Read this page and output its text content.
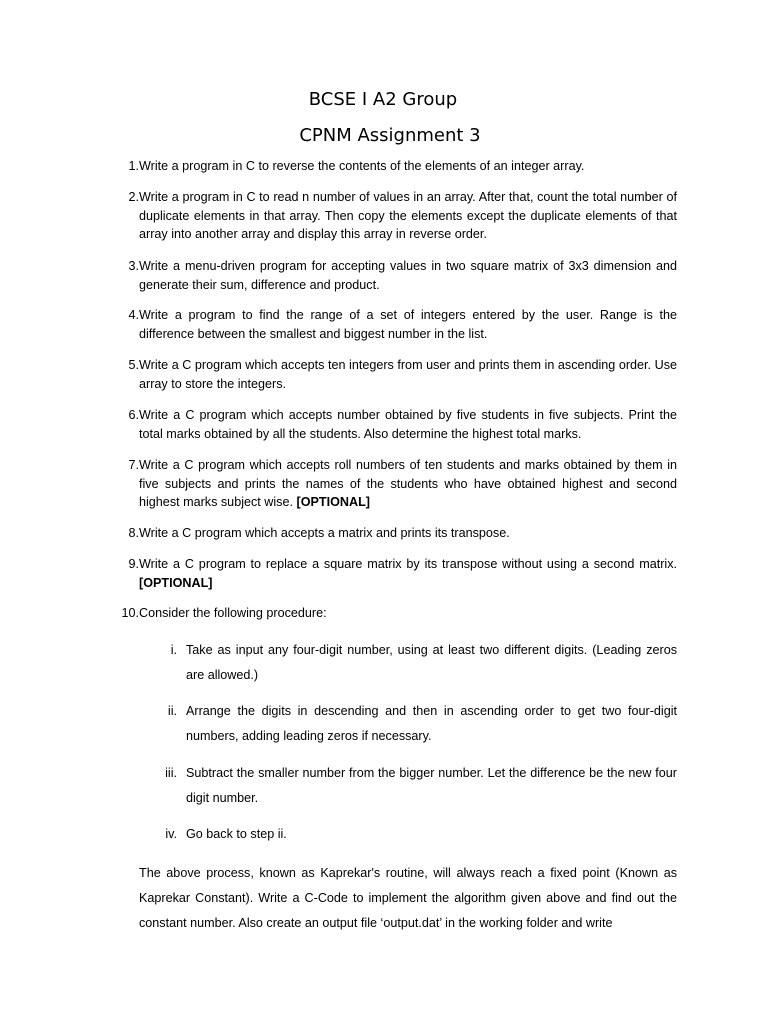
BCSE I A2 Group
CPNM Assignment 3
1. Write a program in C to reverse the contents of the elements of an integer array.
2. Write a program in C to read n number of values in an array. After that, count the total number of duplicate elements in that array. Then copy the elements except the duplicate elements of that array into another array and display this array in reverse order.
3. Write a menu-driven program for accepting values in two square matrix of 3x3 dimension and generate their sum, difference and product.
4. Write a program to find the range of a set of integers entered by the user. Range is the difference between the smallest and biggest number in the list.
5. Write a C program which accepts ten integers from user and prints them in ascending order. Use array to store the integers.
6. Write a C program which accepts number obtained by five students in five subjects. Print the total marks obtained by all the students. Also determine the highest total marks.
7. Write a C program which accepts roll numbers of ten students and marks obtained by them in five subjects and prints the names of the students who have obtained highest and second highest marks subject wise. [OPTIONAL]
8. Write a C program which accepts a matrix and prints its transpose.
9. Write a C program to replace a square matrix by its transpose without using a second matrix. [OPTIONAL]
10. Consider the following procedure:
i. Take as input any four-digit number, using at least two different digits. (Leading zeros are allowed.)
ii. Arrange the digits in descending and then in ascending order to get two four-digit numbers, adding leading zeros if necessary.
iii. Subtract the smaller number from the bigger number. Let the difference be the new four digit number.
iv. Go back to step ii.
The above process, known as Kaprekar's routine, will always reach a fixed point (Known as Kaprekar Constant). Write a C-Code to implement the algorithm given above and find out the constant number. Also create an output file ‘output.dat’ in the working folder and write
